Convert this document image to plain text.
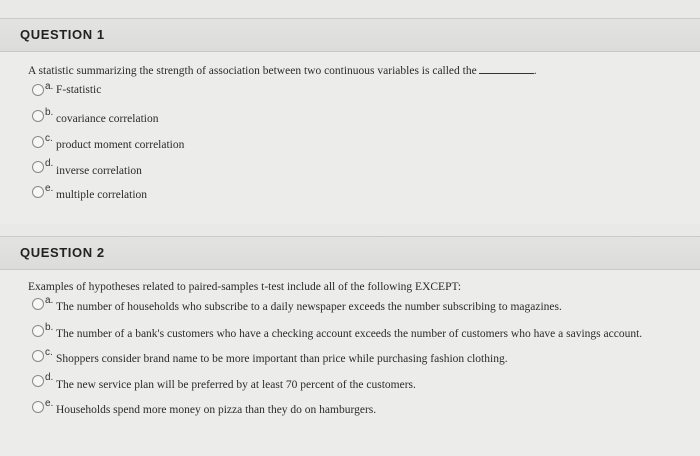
QUESTION 1
A statistic summarizing the strength of association between two continuous variables is called the	.
a. F-statistic
b.
covariance correlation
c.
product moment correlation
d.
inverse correlation
e.
multiple correlation
QUESTION 2
Examples of hypotheses related to paired-samples t-test include all of the following EXCEPT:
a.
The number of households who subscribe to a daily newspaper exceeds the number subscribing to magazines.
b.
The number of a bank's customers who have a checking account exceeds the number of customers who have a savings account.
c.
Shoppers consider brand name to be more important than price while purchasing fashion clothing.
d.
The new service plan will be preferred by at least 70 percent of the customers.
e.
Households spend more money on pizza than they do on hamburgers.
